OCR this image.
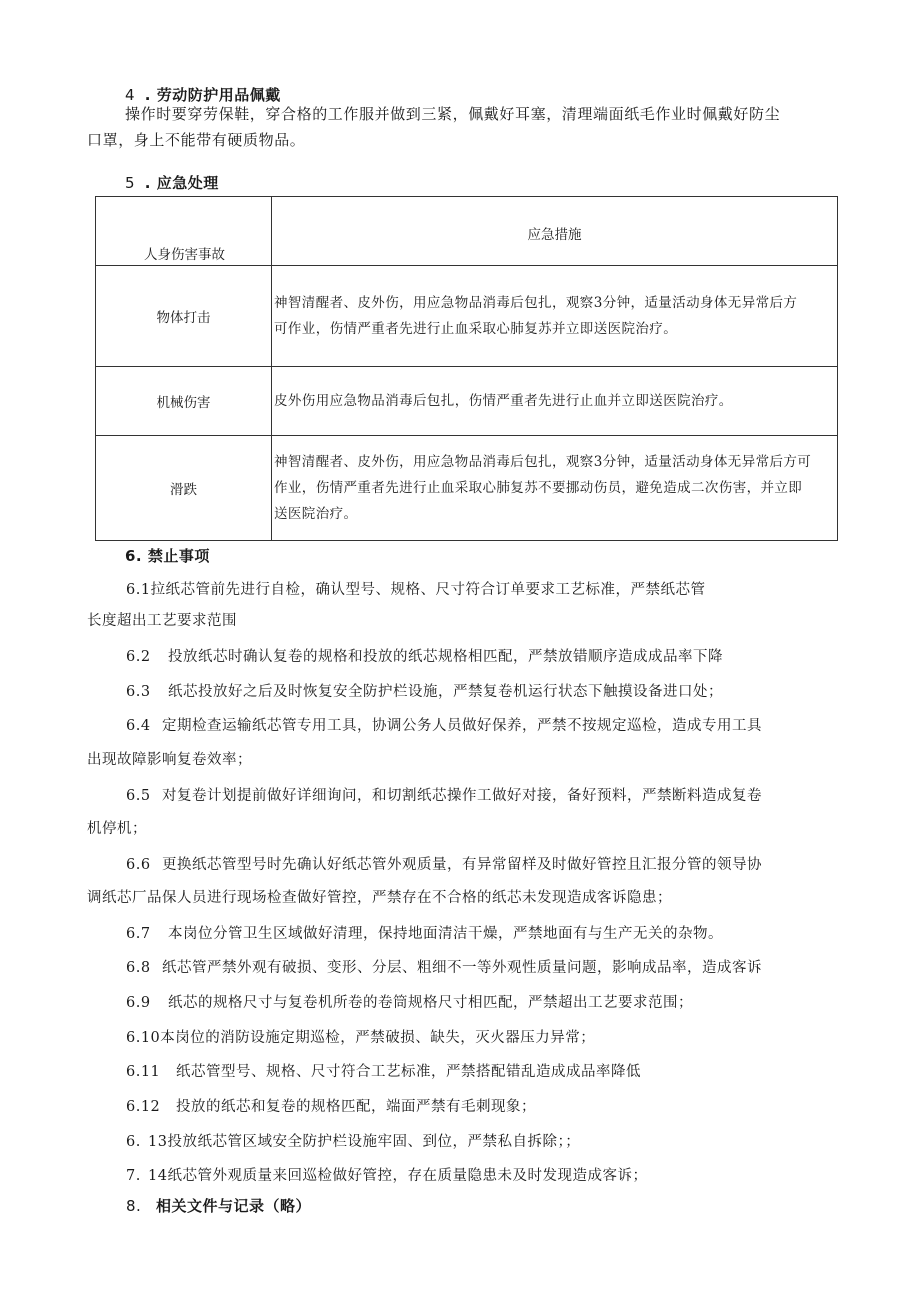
4 . 劳动防护用品佩戴
操作时要穿劳保鞋，穿合格的工作服并做到三紧，佩戴好耳塞，清理端面纸毛作业时佩戴好防尘
口罩，身上不能带有硬质物品。
5 . 应急处理
人身伤害事故	应急措施
物体打击	神智清醒者、皮外伤，用应急物品消毒后包扎，观察3分钟，适量活动身体无异常后方
可作业，伤情严重者先进行止血采取心肺复苏并立即送医院治疗。

机械伤害	皮外伤用应急物品消毒后包扎，伤情严重者先进行止血并立即送医院治疗。

滑跌	神智清醒者、皮外伤，用应急物品消毒后包扎，观察3分钟，适量活动身体无异常后方可
作业，伤情严重者先进行止血采取心肺复苏不要挪动伤员，避免造成二次伤害，并立即
送医院治疗。
6. 禁止事项
6.1拉纸芯管前先进行自检，确认型号、规格、尺寸符合订单要求工艺标准，严禁纸芯管
长度超出工艺要求范围
6.2 投放纸芯时确认复卷的规格和投放的纸芯规格相匹配，严禁放错顺序造成成品率下降
6.3 纸芯投放好之后及时恢复安全防护栏设施，严禁复卷机运行状态下触摸设备进口处；
6.4 定期检查运输纸芯管专用工具，协调公务人员做好保养，严禁不按规定巡检，造成专用工具
出现故障影响复卷效率；
6.5 对复卷计划提前做好详细询问，和切割纸芯操作工做好对接，备好预料，严禁断料造成复卷
机停机；
6.6 更换纸芯管型号时先确认好纸芯管外观质量，有异常留样及时做好管控且汇报分管的领导协
调纸芯厂品保人员进行现场检查做好管控，严禁存在不合格的纸芯未发现造成客诉隐患；
6.7 本岗位分管卫生区域做好清理，保持地面清洁干燥，严禁地面有与生产无关的杂物。
6.8 纸芯管严禁外观有破损、变形、分层、粗细不一等外观性质量问题，影响成品率，造成客诉
6.9 纸芯的规格尺寸与复卷机所卷的卷筒规格尺寸相匹配，严禁超出工艺要求范围；
6.10本岗位的消防设施定期巡检，严禁破损、缺失，灭火器压力异常；
6.11 纸芯管型号、规格、尺寸符合工艺标准，严禁搭配错乱造成成品率降低
6.12 投放的纸芯和复卷的规格匹配，端面严禁有毛刺现象；
6. 13投放纸芯管区域安全防护栏设施牢固、到位，严禁私自拆除；；
7. 14纸芯管外观质量来回巡检做好管控，存在质量隐患未及时发现造成客诉；
8. 相关文件与记录（略）
